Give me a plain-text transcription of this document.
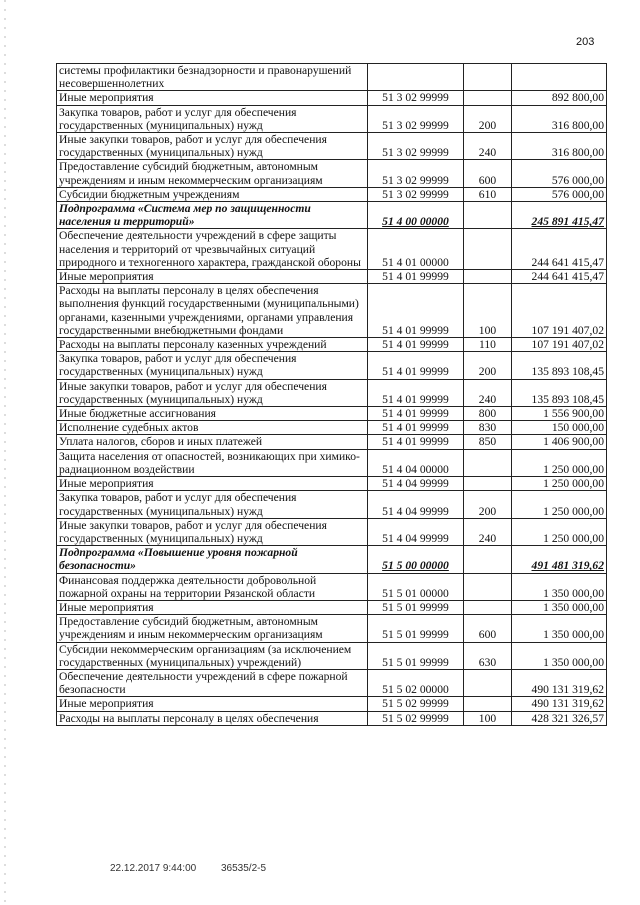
203
системы профилактики безнадзорности и правонарушений несовершеннолетних			
Иные мероприятия	51 3 02 99999		892 800,00
Закупка товаров, работ и услуг для обеспечения государственных (муниципальных) нужд	51 3 02 99999	200	316 800,00
Иные закупки товаров, работ и услуг для обеспечения государственных (муниципальных) нужд	51 3 02 99999	240	316 800,00
Предоставление субсидий бюджетным, автономным учреждениям и иным некоммерческим организациям	51 3 02 99999	600	576 000,00
Субсидии бюджетным учреждениям	51 3 02 99999	610	576 000,00
Подпрограмма «Система мер по защищенности населения и территорий»	51 4 00 00000		245 891 415,47
Обеспечение деятельности учреждений в сфере защиты населения и территорий от чрезвычайных ситуаций природного и техногенного характера, гражданской обороны	51 4 01 00000		244 641 415,47
Иные мероприятия	51 4 01 99999		244 641 415,47
Расходы на выплаты персоналу в целях обеспечения выполнения функций государственными (муниципальными) органами, казенными учреждениями, органами управления государственными внебюджетными фондами	51 4 01 99999	100	107 191 407,02
Расходы на выплаты персоналу казенных учреждений	51 4 01 99999	110	107 191 407,02
Закупка товаров, работ и услуг для обеспечения государственных (муниципальных) нужд	51 4 01 99999	200	135 893 108,45
Иные закупки товаров, работ и услуг для обеспечения государственных (муниципальных) нужд	51 4 01 99999	240	135 893 108,45
Иные бюджетные ассигнования	51 4 01 99999	800	1 556 900,00
Исполнение судебных актов	51 4 01 99999	830	150 000,00
Уплата налогов, сборов и иных платежей	51 4 01 99999	850	1 406 900,00
Защита населения от опасностей, возникающих при химико-радиационном воздействии	51 4 04 00000		1 250 000,00
Иные мероприятия	51 4 04 99999		1 250 000,00
Закупка товаров, работ и услуг для обеспечения государственных (муниципальных) нужд	51 4 04 99999	200	1 250 000,00
Иные закупки товаров, работ и услуг для обеспечения государственных (муниципальных) нужд	51 4 04 99999	240	1 250 000,00
Подпрограмма «Повышение уровня пожарной безопасности»	51 5 00 00000		491 481 319,62
Финансовая поддержка деятельности добровольной пожарной охраны на территории Рязанской области	51 5 01 00000		1 350 000,00
Иные мероприятия	51 5 01 99999		1 350 000,00
Предоставление субсидий бюджетным, автономным учреждениям и иным некоммерческим организациям	51 5 01 99999	600	1 350 000,00
Субсидии некоммерческим организациям (за исключением государственных (муниципальных) учреждений)	51 5 01 99999	630	1 350 000,00
Обеспечение деятельности учреждений в сфере пожарной безопасности	51 5 02 00000		490 131 319,62
Иные мероприятия	51 5 02 99999		490 131 319,62
Расходы на выплаты персоналу в целях обеспечения	51 5 02 99999	100	428 321 326,57
22.12.2017 9:44:00 36535/2-5
